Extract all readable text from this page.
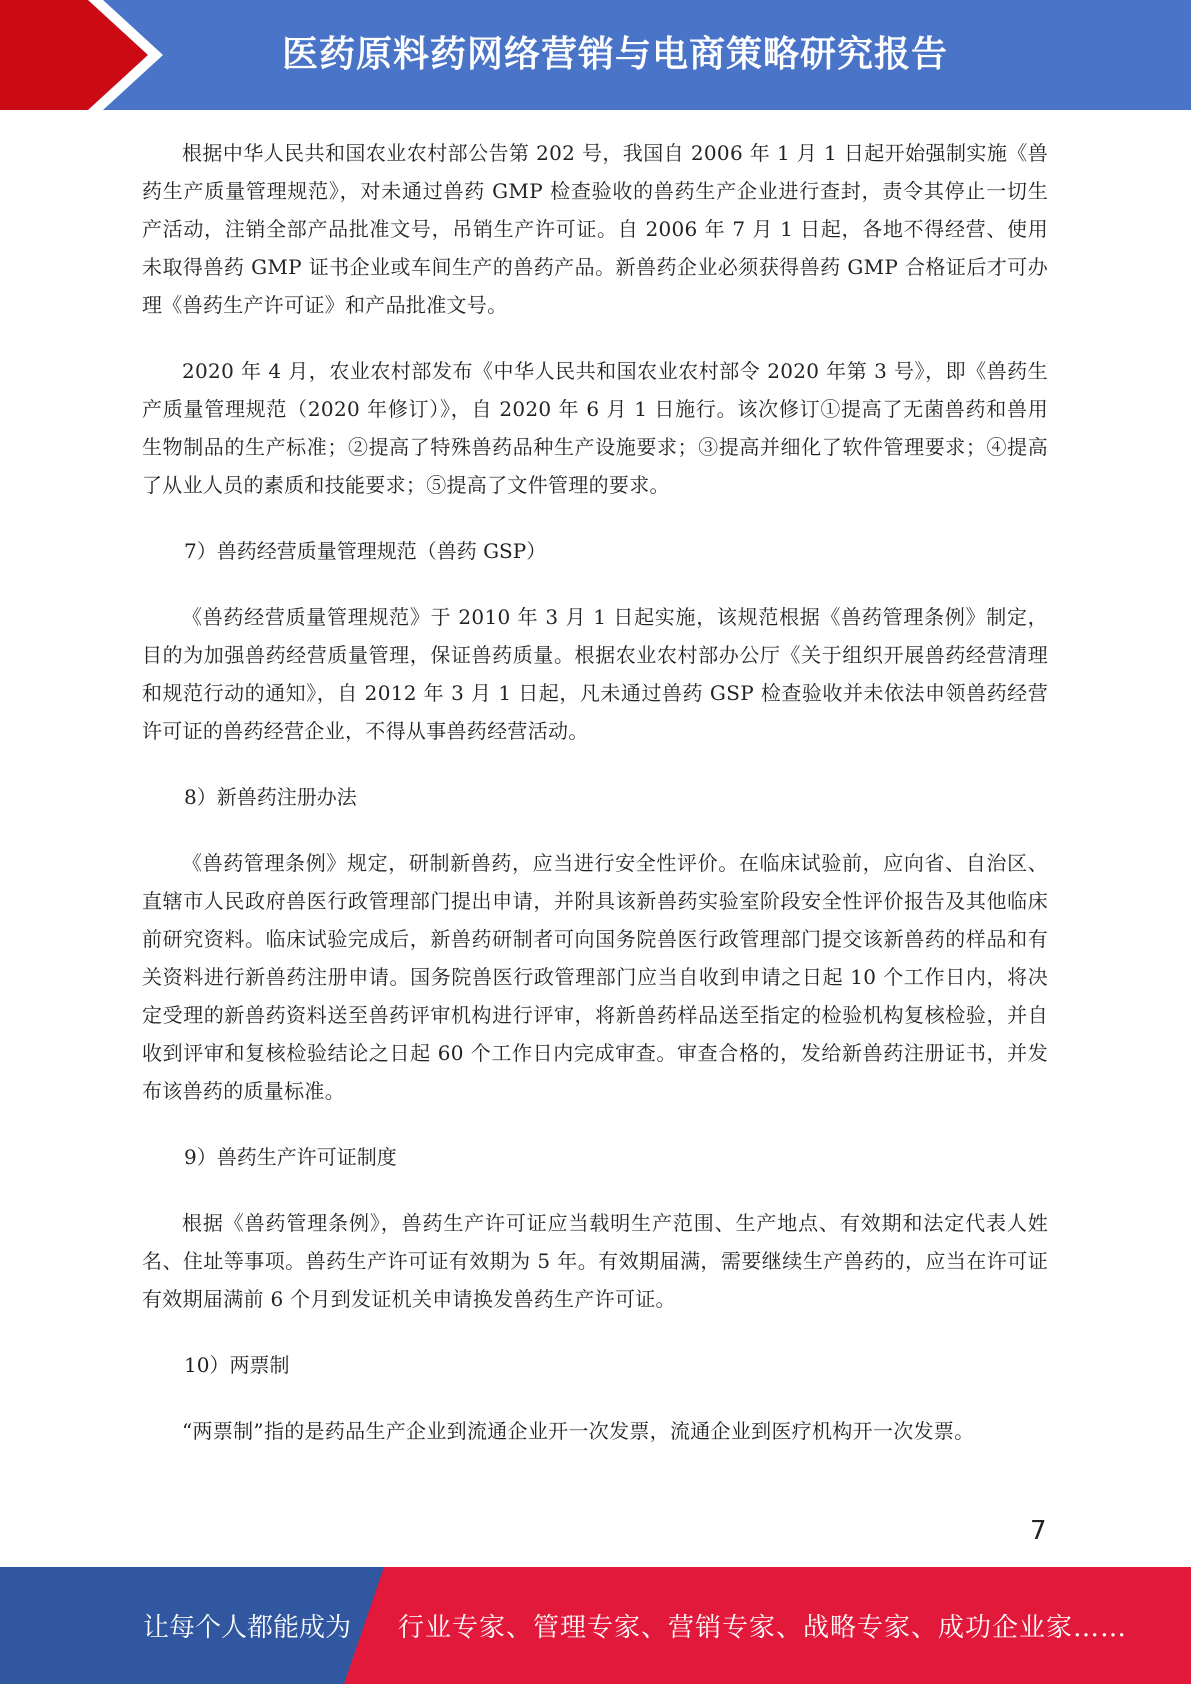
医药原料药网络营销与电商策略研究报告

根据中华人民共和国农业农村部公告第 202 号，我国自 2006 年 1 月 1 日起开始强制实施《兽药生产质量管理规范》，对未通过兽药 GMP 检查验收的兽药生产企业进行查封，责令其停止一切生产活动，注销全部产品批准文号，吊销生产许可证。自 2006 年 7 月 1 日起，各地不得经营、使用未取得兽药 GMP 证书企业或车间生产的兽药产品。新兽药企业必须获得兽药 GMP 合格证后才可办理《兽药生产许可证》和产品批准文号。

2020 年 4 月，农业农村部发布《中华人民共和国农业农村部令 2020 年第 3 号》，即《兽药生产质量管理规范（2020 年修订）》，自 2020 年 6 月 1 日施行。该次修订①提高了无菌兽药和兽用生物制品的生产标准；②提高了特殊兽药品种生产设施要求；③提高并细化了软件管理要求；④提高了从业人员的素质和技能要求；⑤提高了文件管理的要求。

7）兽药经营质量管理规范（兽药 GSP）

《兽药经营质量管理规范》于 2010 年 3 月 1 日起实施，该规范根据《兽药管理条例》制定，目的为加强兽药经营质量管理，保证兽药质量。根据农业农村部办公厅《关于组织开展兽药经营清理和规范行动的通知》，自 2012 年 3 月 1 日起，凡未通过兽药 GSP 检查验收并未依法申领兽药经营许可证的兽药经营企业，不得从事兽药经营活动。

8）新兽药注册办法

《兽药管理条例》规定，研制新兽药，应当进行安全性评价。在临床试验前，应向省、自治区、直辖市人民政府兽医行政管理部门提出申请，并附具该新兽药实验室阶段安全性评价报告及其他临床前研究资料。临床试验完成后，新兽药研制者可向国务院兽医行政管理部门提交该新兽药的样品和有关资料进行新兽药注册申请。国务院兽医行政管理部门应当自收到申请之日起 10 个工作日内，将决定受理的新兽药资料送至兽药评审机构进行评审，将新兽药样品送至指定的检验机构复核检验，并自收到评审和复核检验结论之日起 60 个工作日内完成审查。审查合格的，发给新兽药注册证书，并发布该兽药的质量标准。

9）兽药生产许可证制度

根据《兽药管理条例》，兽药生产许可证应当载明生产范围、生产地点、有效期和法定代表人姓名、住址等事项。兽药生产许可证有效期为 5 年。有效期届满，需要继续生产兽药的，应当在许可证有效期届满前 6 个月到发证机关申请换发兽药生产许可证。

10）两票制

“两票制”指的是药品生产企业到流通企业开一次发票，流通企业到医疗机构开一次发票。

7
让每个人都能成为 行业专家、管理专家、营销专家、战略专家、成功企业家……
